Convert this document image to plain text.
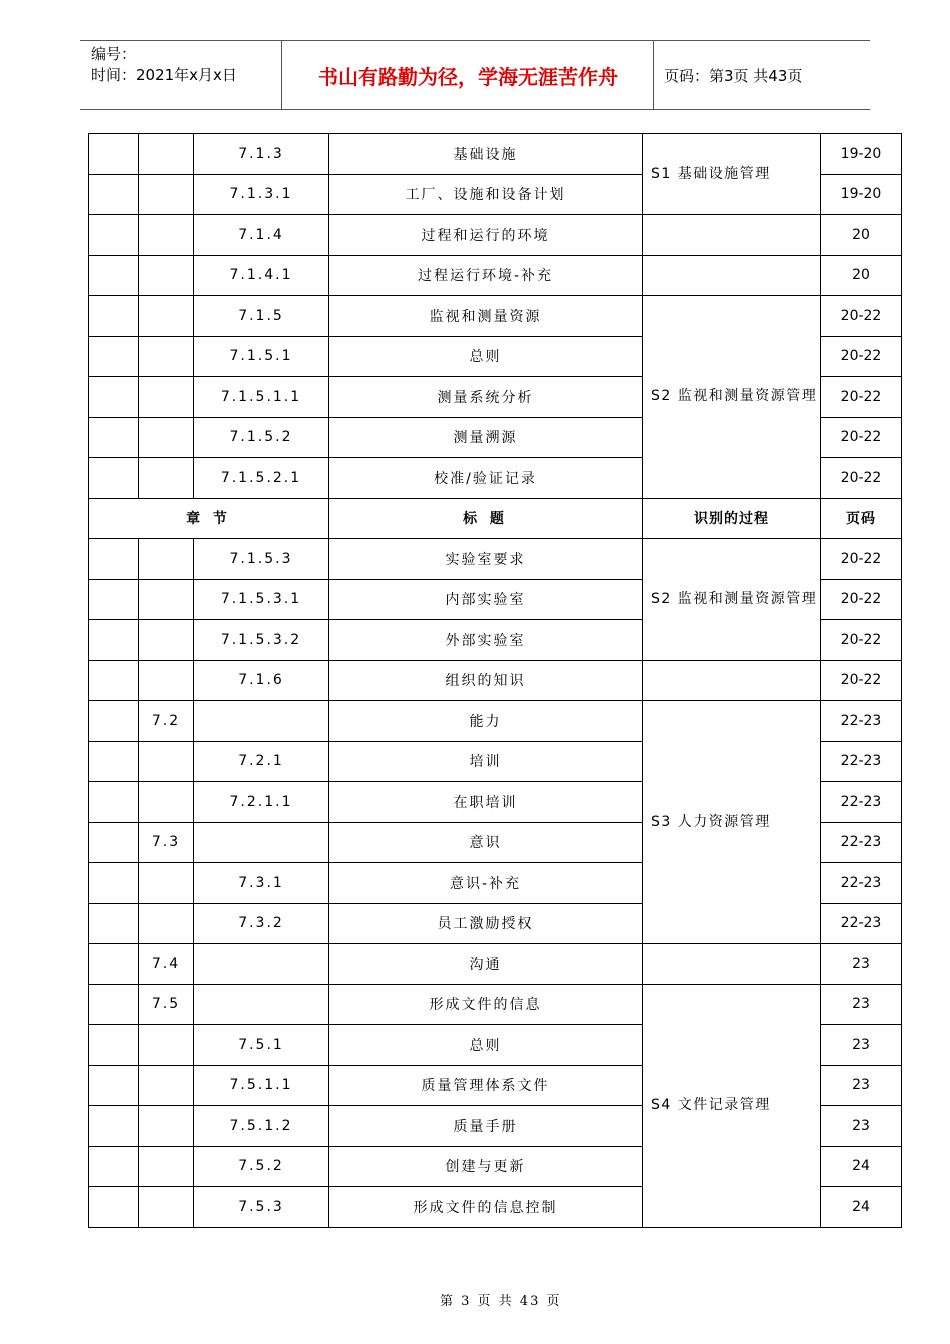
编号：
时间：2021年x月x日	书山有路勤为径，学海无涯苦作舟	页码：第3页 共43页
		7.1.3	基础设施	S1 基础设施管理	19-20
		7.1.3.1	工厂、设施和设备计划		19-20
		7.1.4	过程和运行的环境		20
		7.1.4.1	过程运行环境-补充		20
		7.1.5	监视和测量资源	S2 监视和测量资源管理	20-22
		7.1.5.1	总则		20-22
		7.1.5.1.1	测量系统分析		20-22
		7.1.5.2	测量溯源		20-22
		7.1.5.2.1	校准/验证记录		20-22
章 节			标 题	识别的过程	页码
		7.1.5.3	实验室要求	S2 监视和测量资源管理	20-22
		7.1.5.3.1	内部实验室		20-22
		7.1.5.3.2	外部实验室		20-22
		7.1.6	组织的知识		20-22
	7.2		能力	S3 人力资源管理	22-23
		7.2.1	培训		22-23
		7.2.1.1	在职培训		22-23
	7.3		意识		22-23
		7.3.1	意识-补充		22-23
		7.3.2	员工激励授权		22-23
	7.4		沟通		23
	7.5		形成文件的信息	S4 文件记录管理	23
		7.5.1	总则		23
		7.5.1.1	质量管理体系文件		23
		7.5.1.2	质量手册		23
		7.5.2	创建与更新		24
		7.5.3	形成文件的信息控制		24
第 3 页 共 43 页
